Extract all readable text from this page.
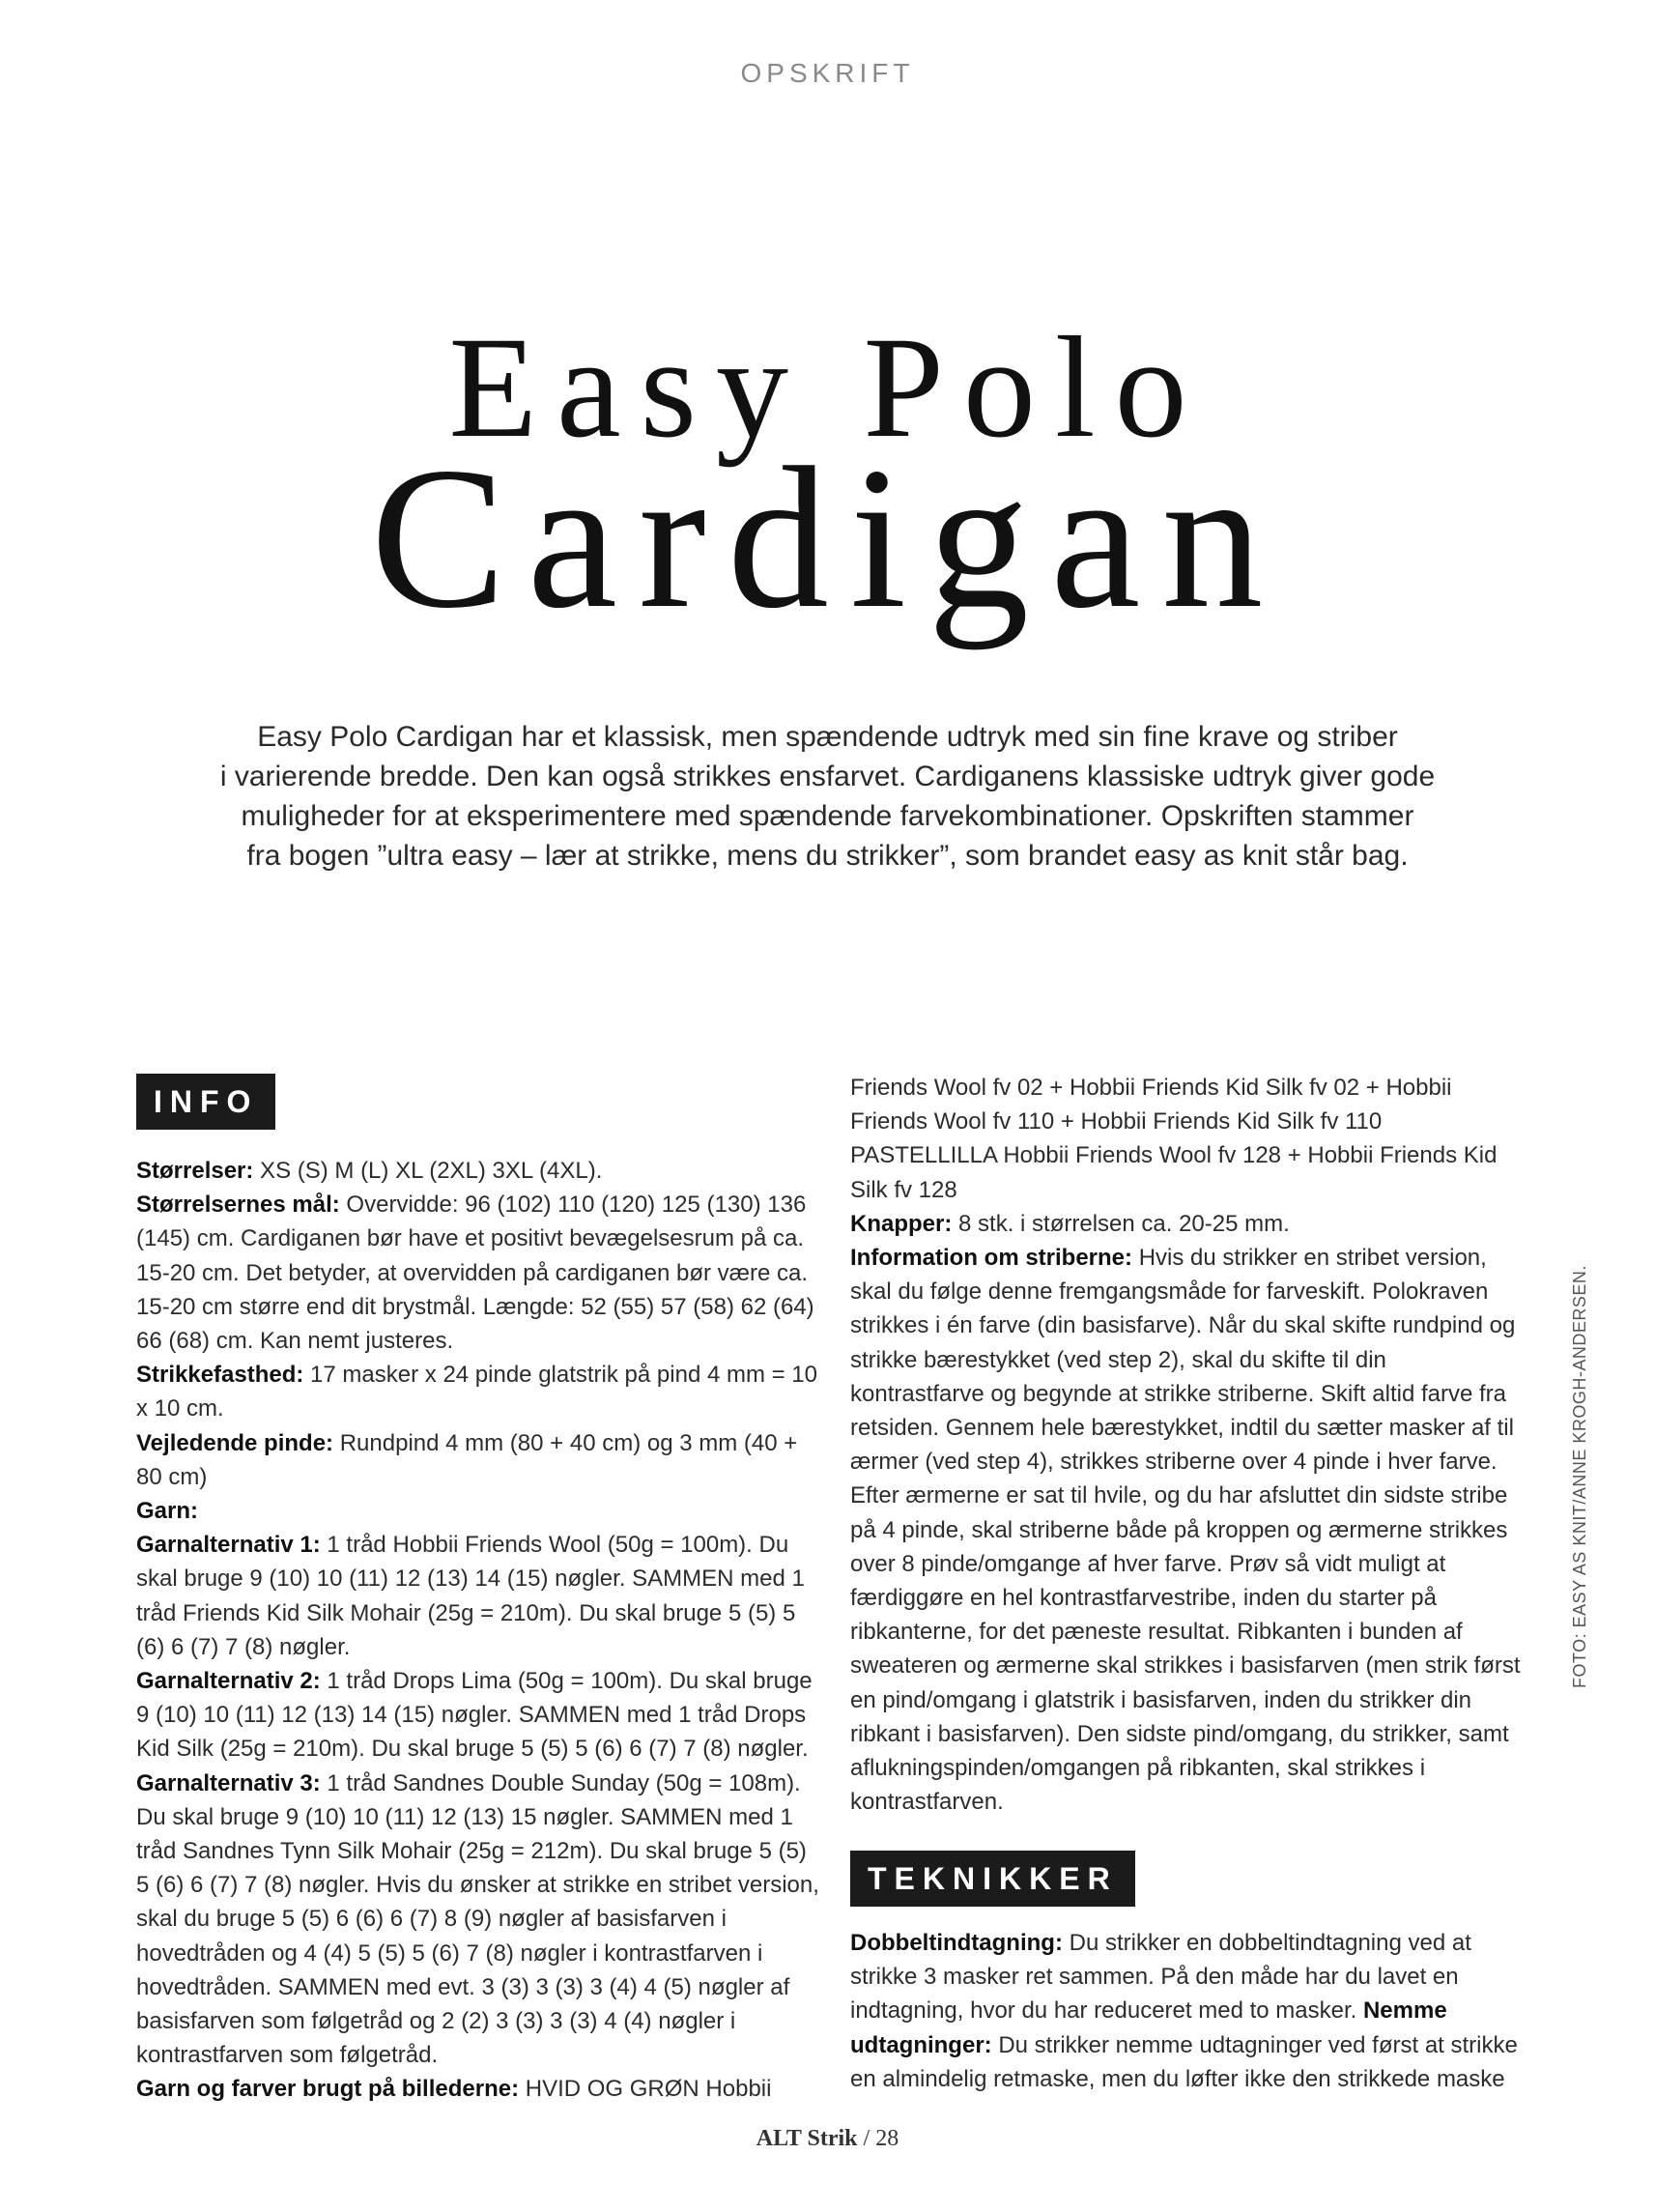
OPSKRIFT
Easy Polo
Cardigan
Easy Polo Cardigan har et klassisk, men spændende udtryk med sin fine krave og striber
i varierende bredde. Den kan også strikkes ensfarvet. Cardiganens klassiske udtryk giver gode
muligheder for at eksperimentere med spændende farvekombinationer. Opskriften stammer
fra bogen ”ultra easy – lær at strikke, mens du strikker”, som brandet easy as knit står bag.
INFO

Størrelser: XS (S) M (L) XL (2XL) 3XL (4XL).

Størrelsernes mål: Overvidde: 96 (102) 110 (120) 125 (130) 136 (145) cm. Cardiganen bør have et positivt bevægelsesrum på ca. 15-20 cm. Det betyder, at overvidden på cardiganen bør være ca. 15-20 cm større end dit brystmål. Længde: 52 (55) 57 (58) 62 (64) 66 (68) cm. Kan nemt justeres.

Strikkefasthed: 17 masker x 24 pinde glatstrik på pind 4 mm = 10 x 10 cm.

Vejledende pinde: Rundpind 4 mm (80 + 40 cm) og 3 mm (40 + 80 cm)

Garn:

Garnalternativ 1: 1 tråd Hobbii Friends Wool (50g = 100m). Du skal bruge 9 (10) 10 (11) 12 (13) 14 (15) nøgler. SAMMEN med 1 tråd Friends Kid Silk Mohair (25g = 210m). Du skal bruge 5 (5) 5 (6) 6 (7) 7 (8) nøgler.

Garnalternativ 2: 1 tråd Drops Lima (50g = 100m). Du skal bruge 9 (10) 10 (11) 12 (13) 14 (15) nøgler. SAMMEN med 1 tråd Drops Kid Silk (25g = 210m). Du skal bruge 5 (5) 5 (6) 6 (7) 7 (8) nøgler.

Garnalternativ 3: 1 tråd Sandnes Double Sunday (50g = 108m). Du skal bruge 9 (10) 10 (11) 12 (13) 15 nøgler. SAMMEN med 1 tråd Sandnes Tynn Silk Mohair (25g = 212m). Du skal bruge 5 (5) 5 (6) 6 (7) 7 (8) nøgler. Hvis du ønsker at strikke en stribet version, skal du bruge 5 (5) 6 (6) 6 (7) 8 (9) nøgler af basisfarven i hovedtråden og 4 (4) 5 (5) 5 (6) 7 (8) nøgler i kontrastfarven i hovedtråden. SAMMEN med evt. 3 (3) 3 (3) 3 (4) 4 (5) nøgler af basisfarven som følgetråd og 2 (2) 3 (3) 3 (3) 4 (4) nøgler i kontrastfarven som følgetråd.

Garn og farver brugt på billederne: HVID OG GRØN Hobbii

Friends Wool fv 02 + Hobbii Friends Kid Silk fv 02 + Hobbii Friends Wool fv 110 + Hobbii Friends Kid Silk fv 110 PASTELLILLA Hobbii Friends Wool fv 128 + Hobbii Friends Kid Silk fv 128

Knapper: 8 stk. i størrelsen ca. 20-25 mm.

Information om striberne: Hvis du strikker en stribet version, skal du følge denne fremgangsmåde for farveskift. Polokraven strikkes i én farve (din basisfarve). Når du skal skifte rundpind og strikke bærestykket (ved step 2), skal du skifte til din kontrastfarve og begynde at strikke striberne. Skift altid farve fra retsiden. Gennem hele bærestykket, indtil du sætter masker af til ærmer (ved step 4), strikkes striberne over 4 pinde i hver farve. Efter ærmerne er sat til hvile, og du har afsluttet din sidste stribe på 4 pinde, skal striberne både på kroppen og ærmerne strikkes over 8 pinde/omgange af hver farve. Prøv så vidt muligt at færdiggøre en hel kontrastfarvestribe, inden du starter på ribkanterne, for det pæneste resultat. Ribkanten i bunden af sweateren og ærmerne skal strikkes i basisfarven (men strik først en pind/omgang i glatstrik i basisfarven, inden du strikker din ribkant i basisfarven). Den sidste pind/omgang, du strikker, samt aflukningspinden/omgangen på ribkanten, skal strikkes i kontrastfarven.

TEKNIKKER

Dobbeltindtagning: Du strikker en dobbeltindtagning ved at strikke 3 masker ret sammen. På den måde har du lavet en indtagning, hvor du har reduceret med to masker. Nemme udtagninger: Du strikker nemme udtagninger ved først at strikke en almindelig retmaske, men du løfter ikke den strikkede maske

FOTO: EASY AS KNIT/ANNE KROGH-ANDERSEN.
ALT Strik / 28
